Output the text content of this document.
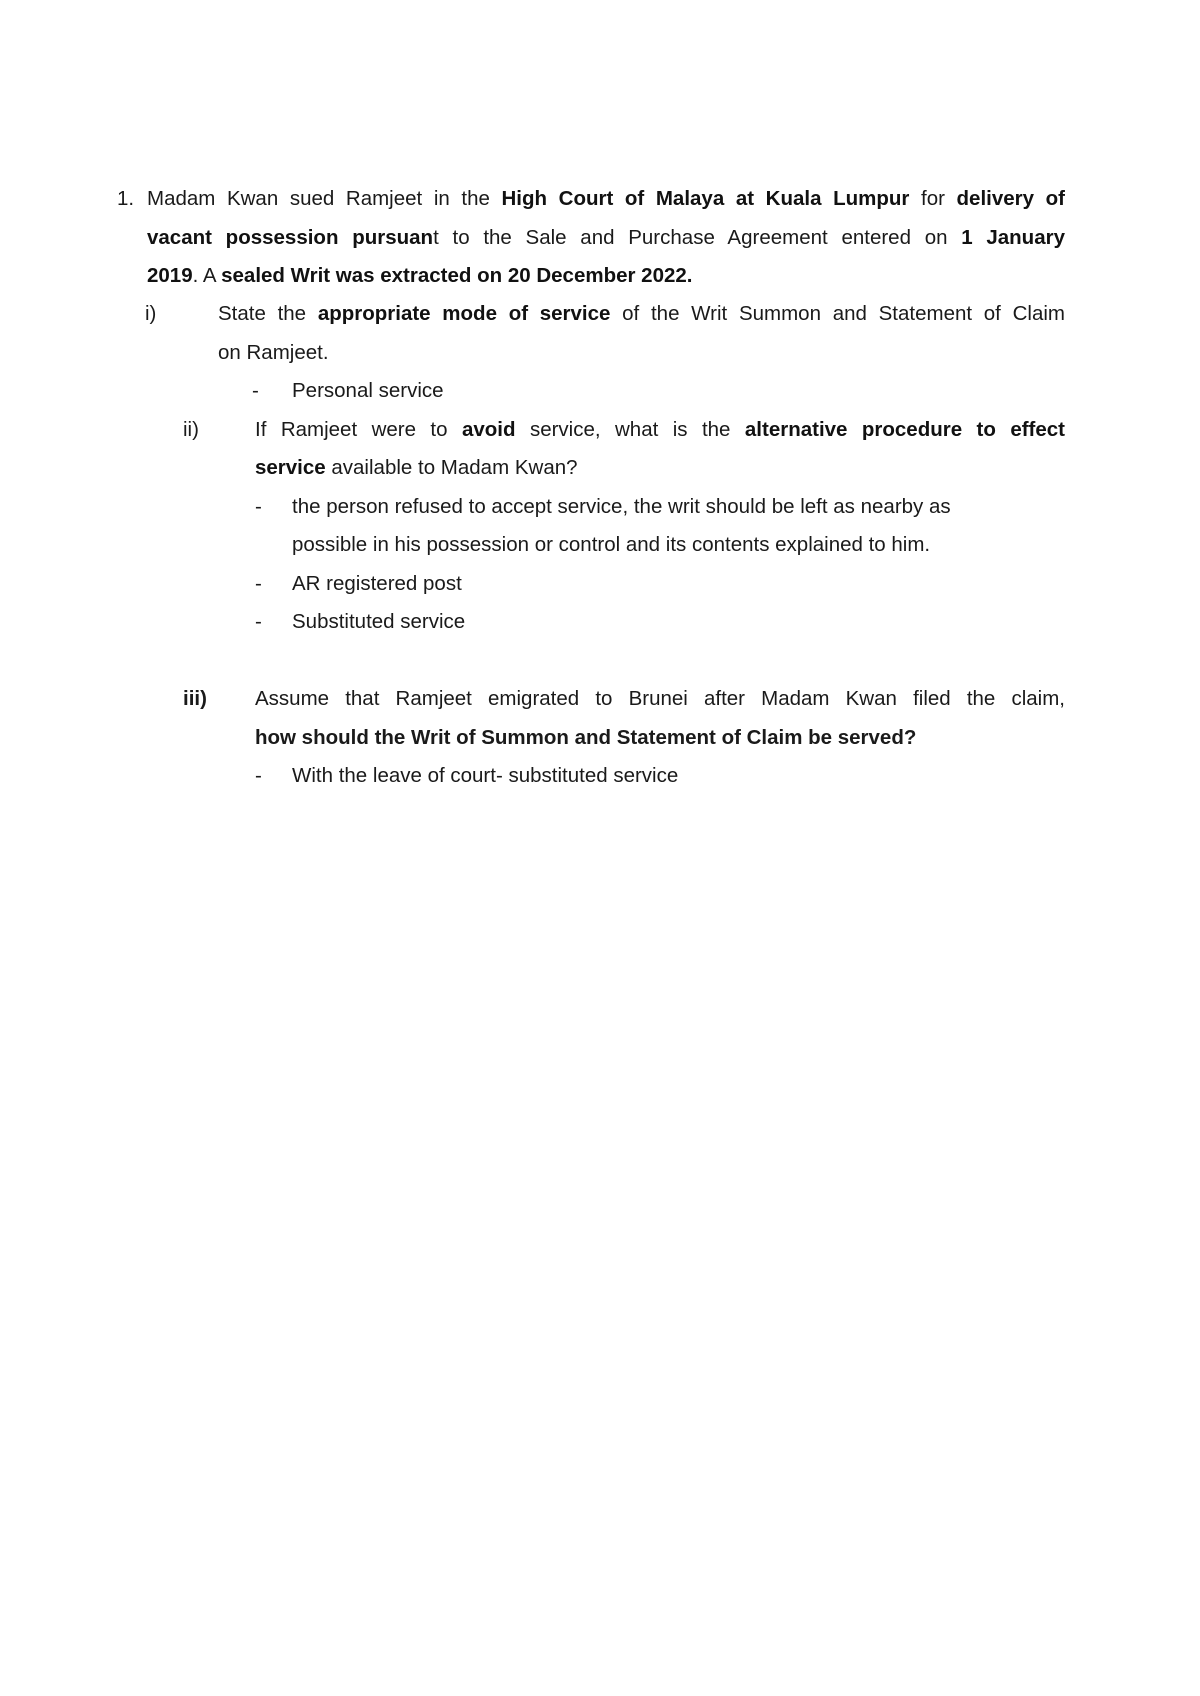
1. Madam Kwan sued Ramjeet in the High Court of Malaya at Kuala Lumpur for delivery of
vacant possession pursuant to the Sale and Purchase Agreement entered on 1 January
2019. A sealed Writ was extracted on 20 December 2022.
i)	State the appropriate mode of service of the Writ Summon and Statement of Claim
on Ramjeet.
- Personal service
ii)	If Ramjeet were to avoid service, what is the alternative procedure to effect
service available to Madam Kwan?
- the person refused to accept service, the writ should be left as nearby as
possible in his possession or control and its contents explained to him.
- AR registered post
- Substituted service
iii) Assume that Ramjeet emigrated to Brunei after Madam Kwan filed the claim,
how should the Writ of Summon and Statement of Claim be served?
- With the leave of court- substituted service
